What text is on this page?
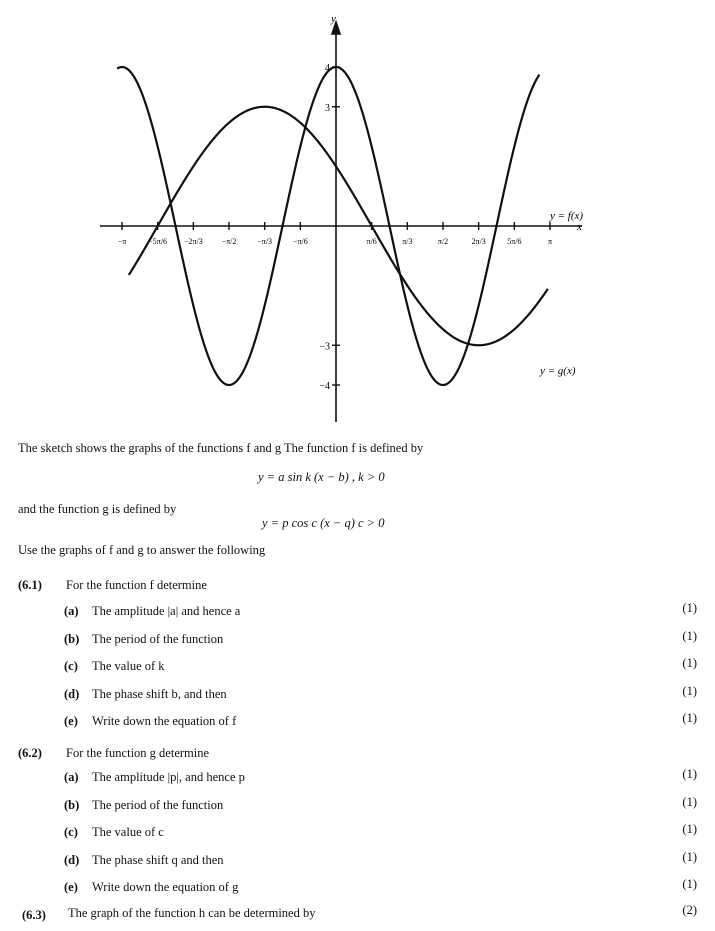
y
x
−π	−5π/6 −2π/3 −π/2	−π/3	−π/6	π/6	π/3	π/2	2π/3	5π/6	π
4
3
−3
−4
y = f(x)
y = g(x)
The sketch shows the graphs of the functions f and g The function f is defined by
y = a sin k (x − b) , k > 0
and the function g is defined by
y = p cos c (x − q) c > 0
Use the graphs of f and g to answer the following
(6.1) For the function f determine
(a) The amplitude |a| and hence a	(1)
(b) The period of the function	(1)
(c) The value of k	(1)
(d) The phase shift b, and then	(1)
(e) Write down the equation of f	(1)
(6.2) For the function g determine
(a) The amplitude |p|, and hence p	(1)
(b) The period of the function	(1)
(c) The value of c	(1)
(d) The phase shift q and then	(1)
(e) Write down the equation of g	(1)
(6.3) The graph of the function h can be determined by	(2)
